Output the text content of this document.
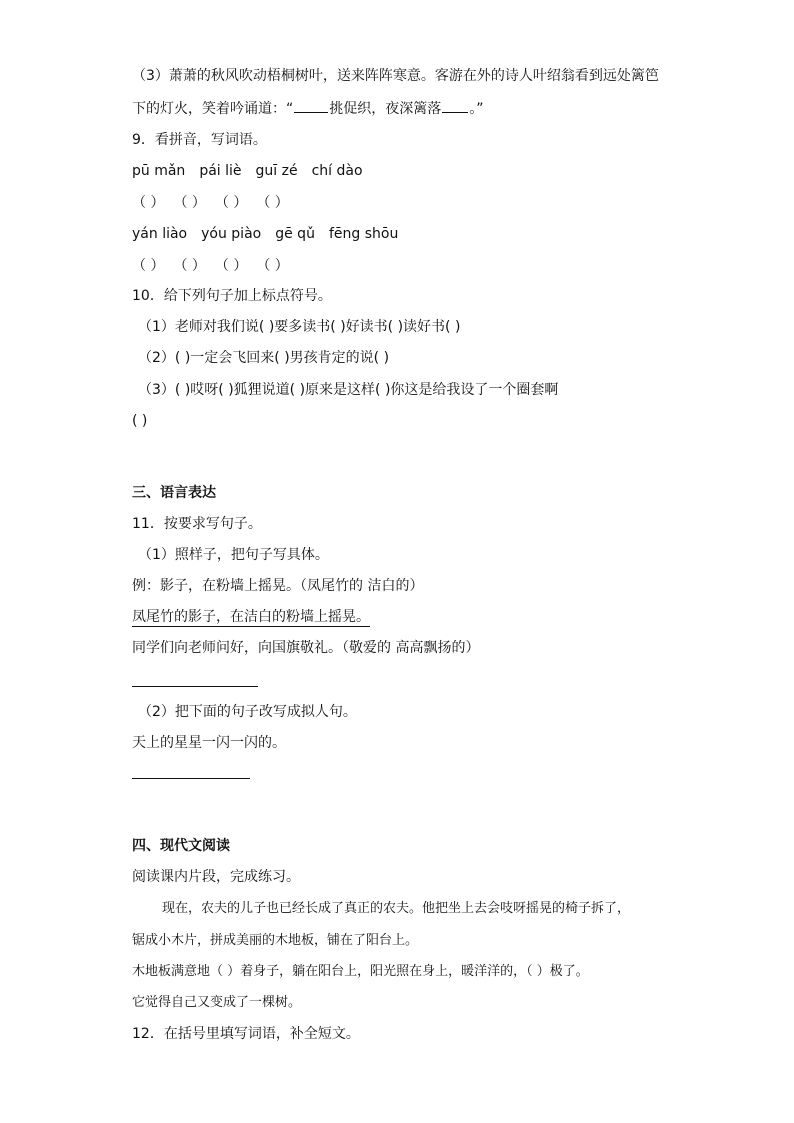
（3）萧萧的秋风吹动梧桐树叶，送来阵阵寒意。客游在外的诗人叶绍翁看到远处篱笆
下的灯火，笑着吟诵道：“	挑促织，夜深篱落 。”
9．看拼音，写词语。
pū mǎn pái liè guī zé chí dào
（ ） （ ） （ ） （ ）
yán liào yóu piào gē qǔ fēng shōu
（ ） （ ） （ ） （ ）
10．给下列句子加上标点符号。
（1）老师对我们说( )要多读书( )好读书( )读好书( )
（2）( )一定会飞回来( )男孩肯定的说( )
（3）( )哎呀( )狐狸说道( )原来是这样( )你这是给我设了一个圈套啊
( )
三、语言表达
11．按要求写句子。
（1）照样子，把句子写具体。
例：影子，在粉墙上摇晃。（凤尾竹的 洁白的）
凤尾竹的影子，在洁白的粉墙上摇晃。
同学们向老师问好，向国旗敬礼。（敬爱的 高高飘扬的）
（2）把下面的句子改写成拟人句。
天上的星星一闪一闪的。
四、现代文阅读
阅读课内片段，完成练习。
现在，农夫的儿子也已经长成了真正的农夫。他把坐上去会吱呀摇晃的椅子拆了，
锯成小木片，拼成美丽的木地板，铺在了阳台上。
木地板满意地（ ）着身子，躺在阳台上，阳光照在身上，暖洋洋的，（ ）极了。
它觉得自己又变成了一棵树。
12．在括号里填写词语，补全短文。
